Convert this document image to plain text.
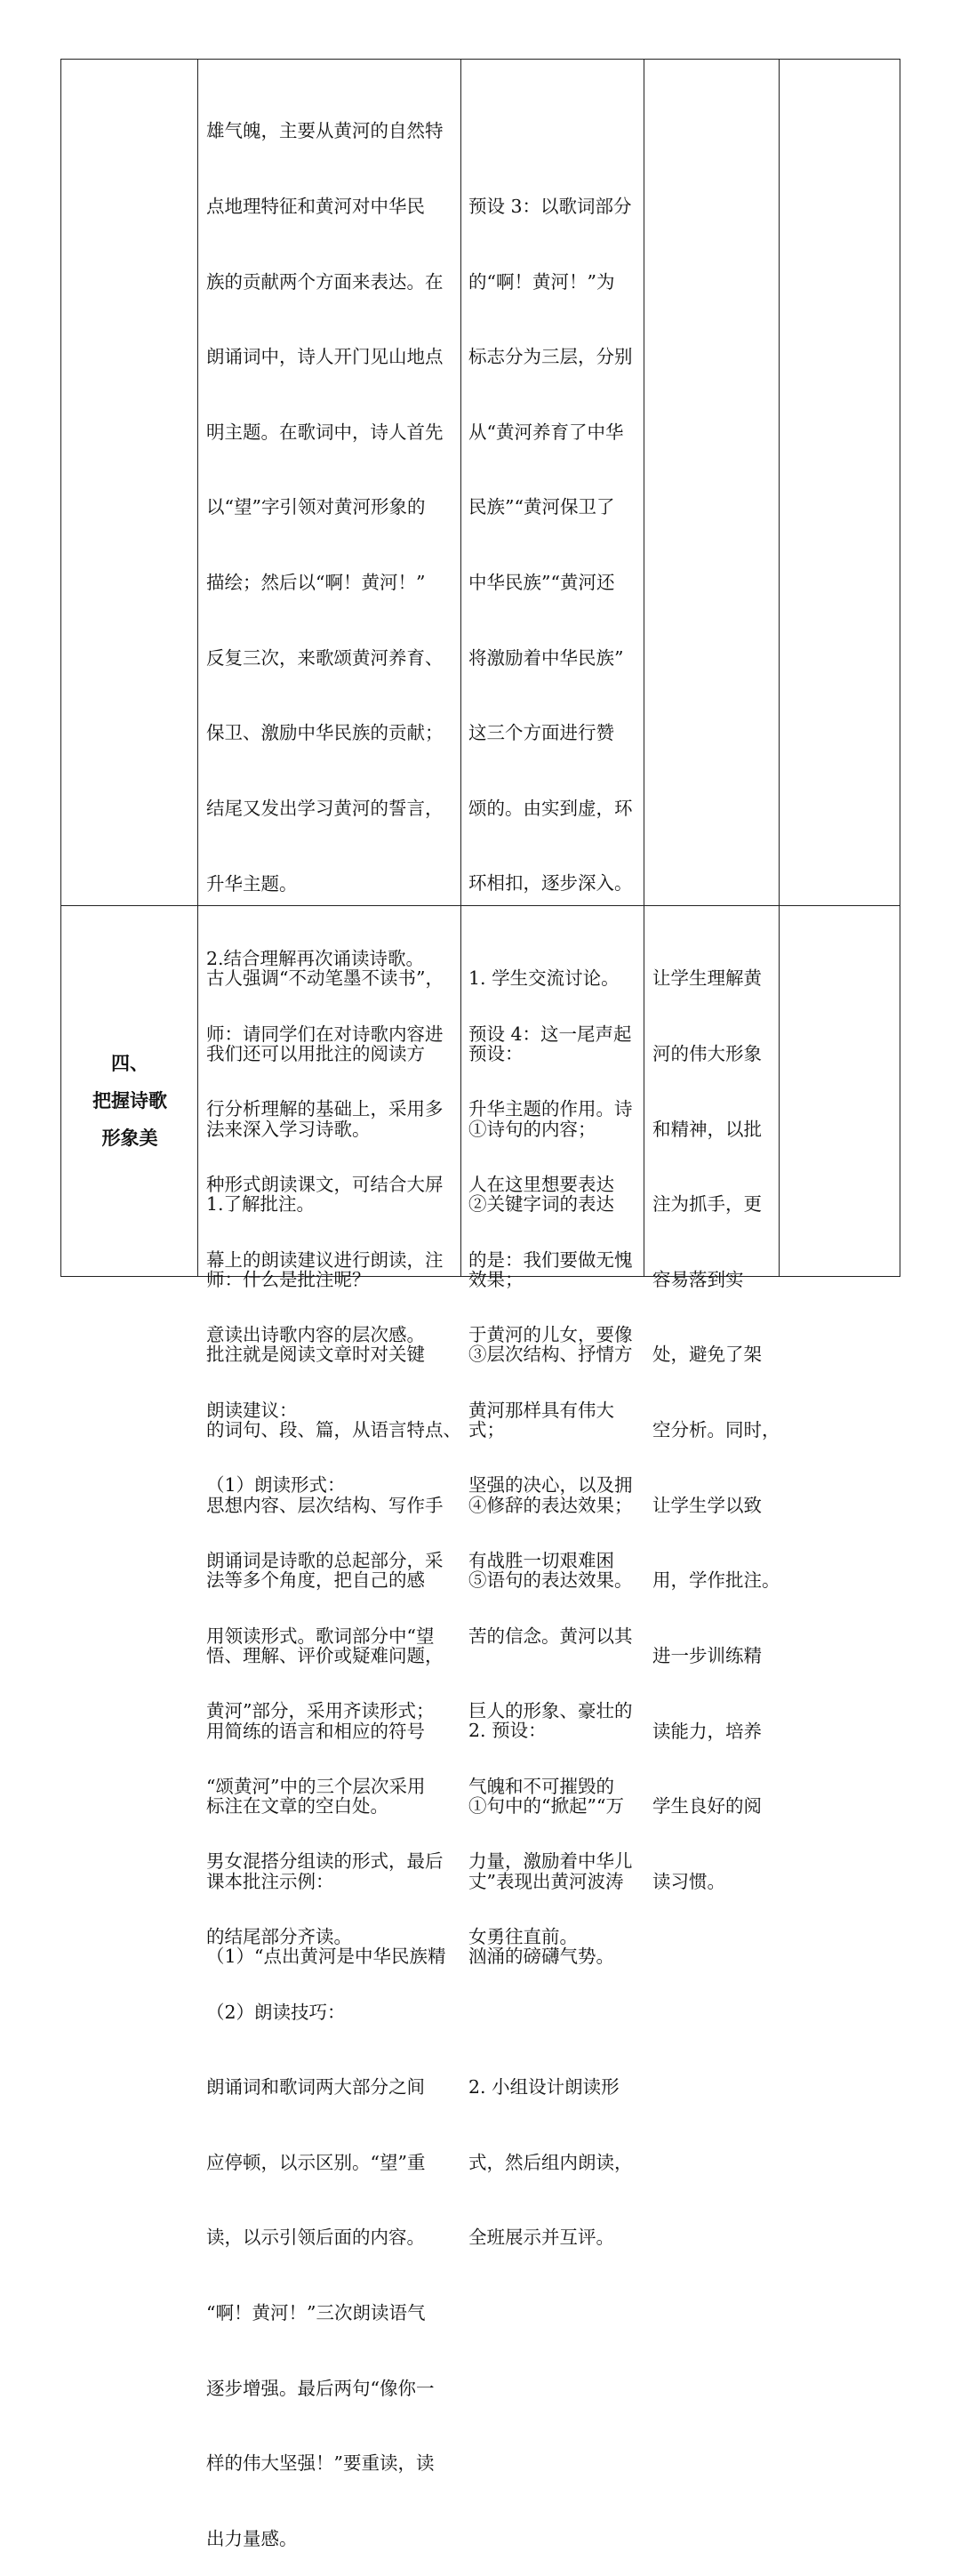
雄气魄，主要从黄河的自然特

点地理特征和黄河对中华民

族的贡献两个方面来表达。在

朗诵词中，诗人开门见山地点

明主题。在歌词中，诗人首先

以“望”字引领对黄河形象的

描绘；然后以“啊！黄河！”

反复三次，来歌颂黄河养育、

保卫、激励中华民族的贡献；

结尾又发出学习黄河的誓言，

升华主题。

2.结合理解再次诵读诗歌。

师：请同学们在对诗歌内容进

行分析理解的基础上，采用多

种形式朗读课文，可结合大屏

幕上的朗读建议进行朗读，注

意读出诗歌内容的层次感。

朗读建议：

（1）朗读形式：

朗诵词是诗歌的总起部分，采

用领读形式。歌词部分中“望

黄河”部分，采用齐读形式；

“颂黄河”中的三个层次采用

男女混搭分组读的形式，最后

的结尾部分齐读。

（2）朗读技巧：

朗诵词和歌词两大部分之间

应停顿，以示区别。“望”重

读，以示引领后面的内容。

“啊！黄河！”三次朗读语气

逐步增强。最后两句“像你一

样的伟大坚强！”要重读，读

出力量感。

预设 3：以歌词部分

的“啊！黄河！”为

标志分为三层，分别

从“黄河养育了中华

民族”“黄河保卫了

中华民族”“黄河还

将激励着中华民族”

这三个方面进行赞

颂的。由实到虚，环

环相扣，逐步深入。

预设 4：这一尾声起

升华主题的作用。诗

人在这里想要表达

的是：我们要做无愧

于黄河的儿女，要像

黄河那样具有伟大

坚强的决心，以及拥

有战胜一切艰难困

苦的信念。黄河以其

巨人的形象、豪壮的

气魄和不可摧毁的

力量，激励着中华儿

女勇往直前。

2. 小组设计朗读形

式，然后组内朗读，

全班展示并互评。

四、
把握诗歌
形象美

古人强调“不动笔墨不读书”，

我们还可以用批注的阅读方

法来深入学习诗歌。

1.了解批注。

师：什么是批注呢？

批注就是阅读文章时对关键

的词句、段、篇，从语言特点、

思想内容、层次结构、写作手

法等多个角度，把自己的感

悟、理解、评价或疑难问题，

用简练的语言和相应的符号

标注在文章的空白处。

课本批注示例：

（1）“点出黄河是中华民族精

1. 学生交流讨论。

预设：

①诗句的内容；

②关键字词的表达

效果；

③层次结构、抒情方

式；

④修辞的表达效果；

⑤语句的表达效果。

2. 预设：

①句中的“掀起”“万

丈”表现出黄河波涛

汹涌的磅礴气势。

让学生理解黄

河的伟大形象

和精神，以批

注为抓手，更

容易落到实

处，避免了架

空分析。同时，

让学生学以致

用，学作批注。

进一步训练精

读能力，培养

学生良好的阅

读习惯。
